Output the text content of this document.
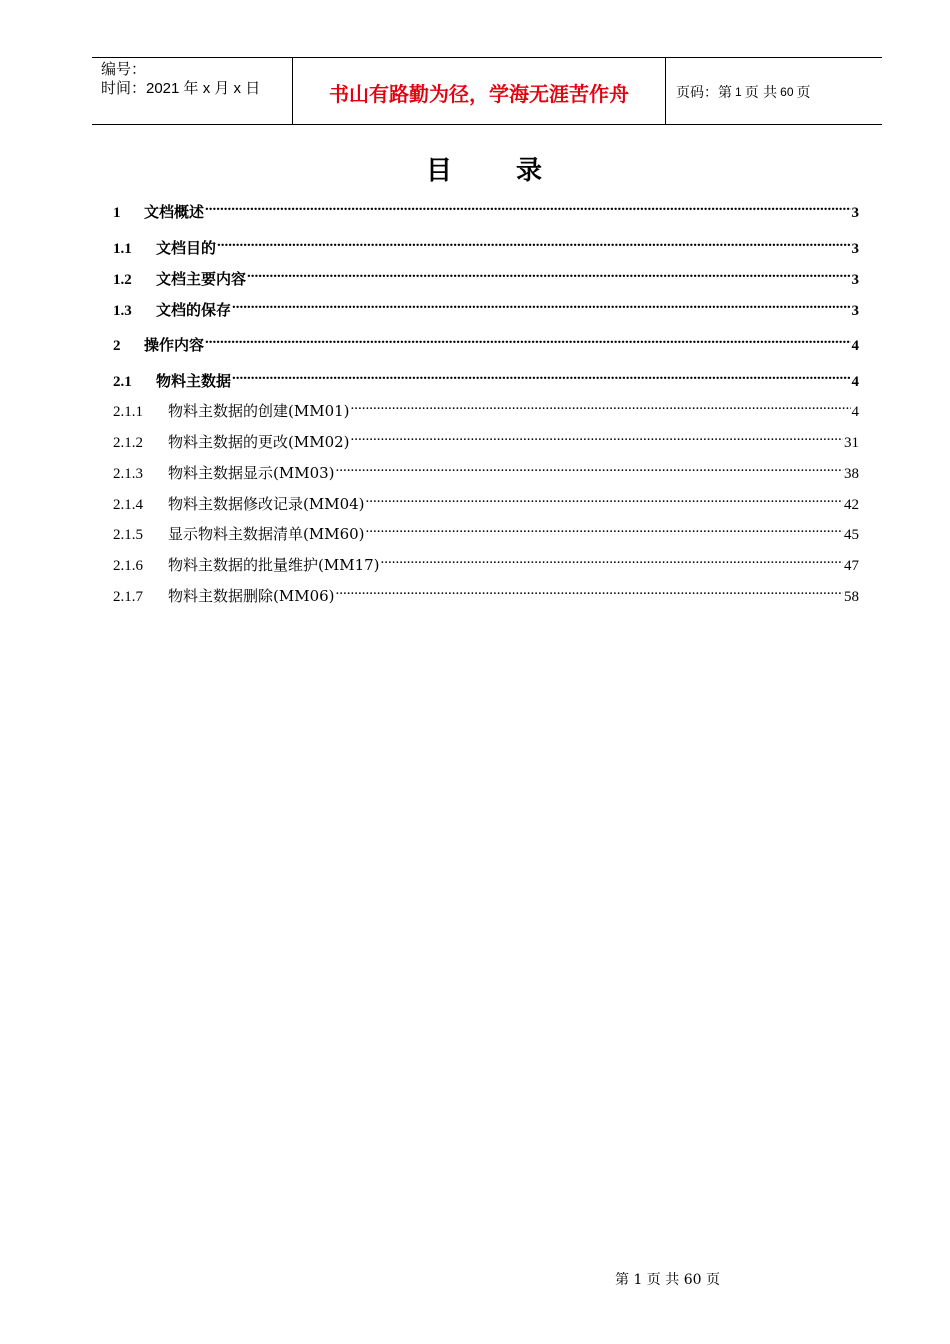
编号：
时间：2021 年 x 月 x 日	书山有路勤为径，学海无涯苦作舟	页码：第 1 页 共 60 页
目 录
1	文档概述 .....	3
1.1	文档目的 .....	3
1.2	文档主要内容 .....	3
1.3	文档的保存 .....	3
2	操作内容 .....	4
2.1	物料主数据 .....	4
2.1.1	物料主数据的创建(MM01) .....	4
2.1.2	物料主数据的更改(MM02) .....	31
2.1.3	物料主数据显示(MM03) .....	38
2.1.4	物料主数据修改记录(MM04) .....	42
2.1.5	显示物料主数据清单(MM60) .....	45
2.1.6	物料主数据的批量维护(MM17) .....	47
2.1.7	物料主数据删除(MM06) .....	58
第 1 页 共 60 页
